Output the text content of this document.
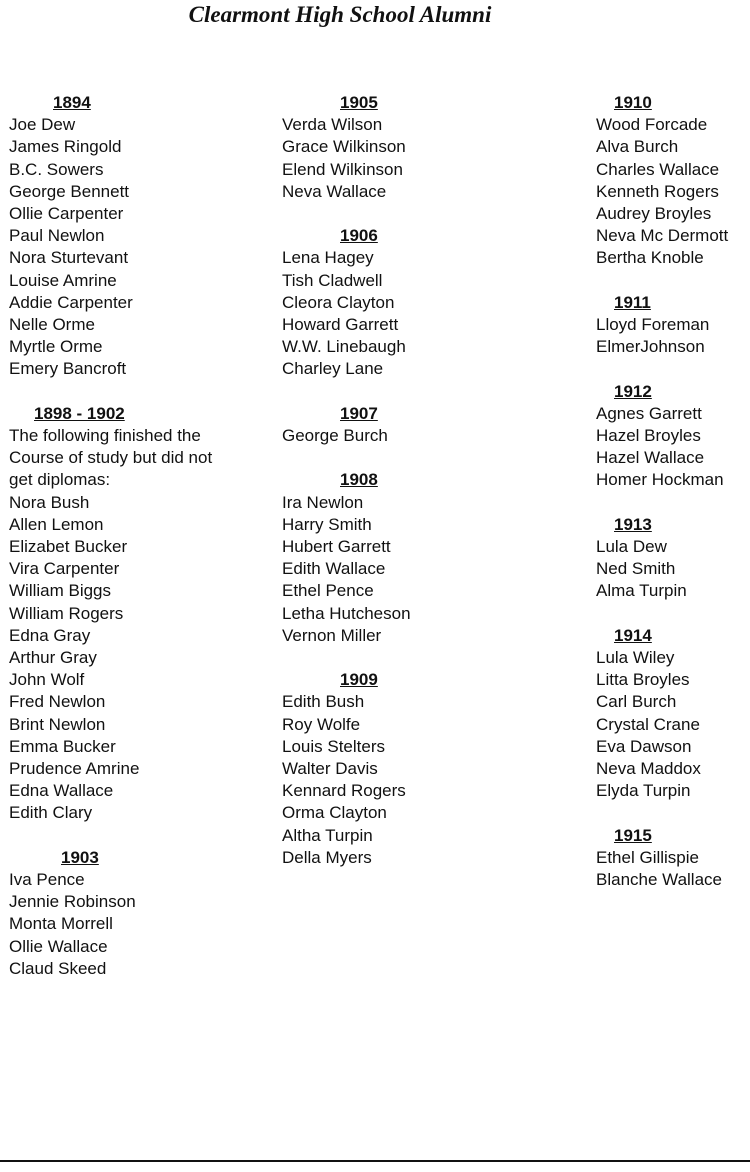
Clearmont High School Alumni
1894
Joe Dew
James Ringold
B.C. Sowers
George Bennett
Ollie Carpenter
Paul Newlon
Nora Sturtevant
Louise Amrine
Addie Carpenter
Nelle Orme
Myrtle Orme
Emery Bancroft
1898 - 1902
The following finished the
Course of study but did not
get diplomas:
Nora Bush
Allen Lemon
Elizabet Bucker
Vira Carpenter
William Biggs
William Rogers
Edna Gray
Arthur Gray
John Wolf
Fred Newlon
Brint Newlon
Emma Bucker
Prudence Amrine
Edna Wallace
Edith Clary
1903
Iva Pence
Jennie Robinson
Monta Morrell
Ollie Wallace
Claud Skeed
1905
Verda Wilson
Grace Wilkinson
Elend Wilkinson
Neva Wallace
1906
Lena Hagey
Tish Cladwell
Cleora Clayton
Howard Garrett
W.W. Linebaugh
Charley Lane
1907
George Burch
1908
Ira Newlon
Harry Smith
Hubert Garrett
Edith Wallace
Ethel Pence
Letha Hutcheson
Vernon Miller
1909
Edith Bush
Roy Wolfe
Louis Stelters
Walter Davis
Kennard Rogers
Orma Clayton
Altha Turpin
Della Myers
1910
Wood Forcade
Alva Burch
Charles Wallace
Kenneth Rogers
Audrey Broyles
Neva Mc Dermott
Bertha Knoble
1911
Lloyd Foreman
ElmerJohnson
1912
Agnes Garrett
Hazel Broyles
Hazel Wallace
Homer Hockman
1913
Lula Dew
Ned Smith
Alma Turpin
1914
Lula Wiley
Litta Broyles
Carl Burch
Crystal Crane
Eva Dawson
Neva Maddox
Elyda Turpin
1915
Ethel Gillispie
Blanche Wallace
